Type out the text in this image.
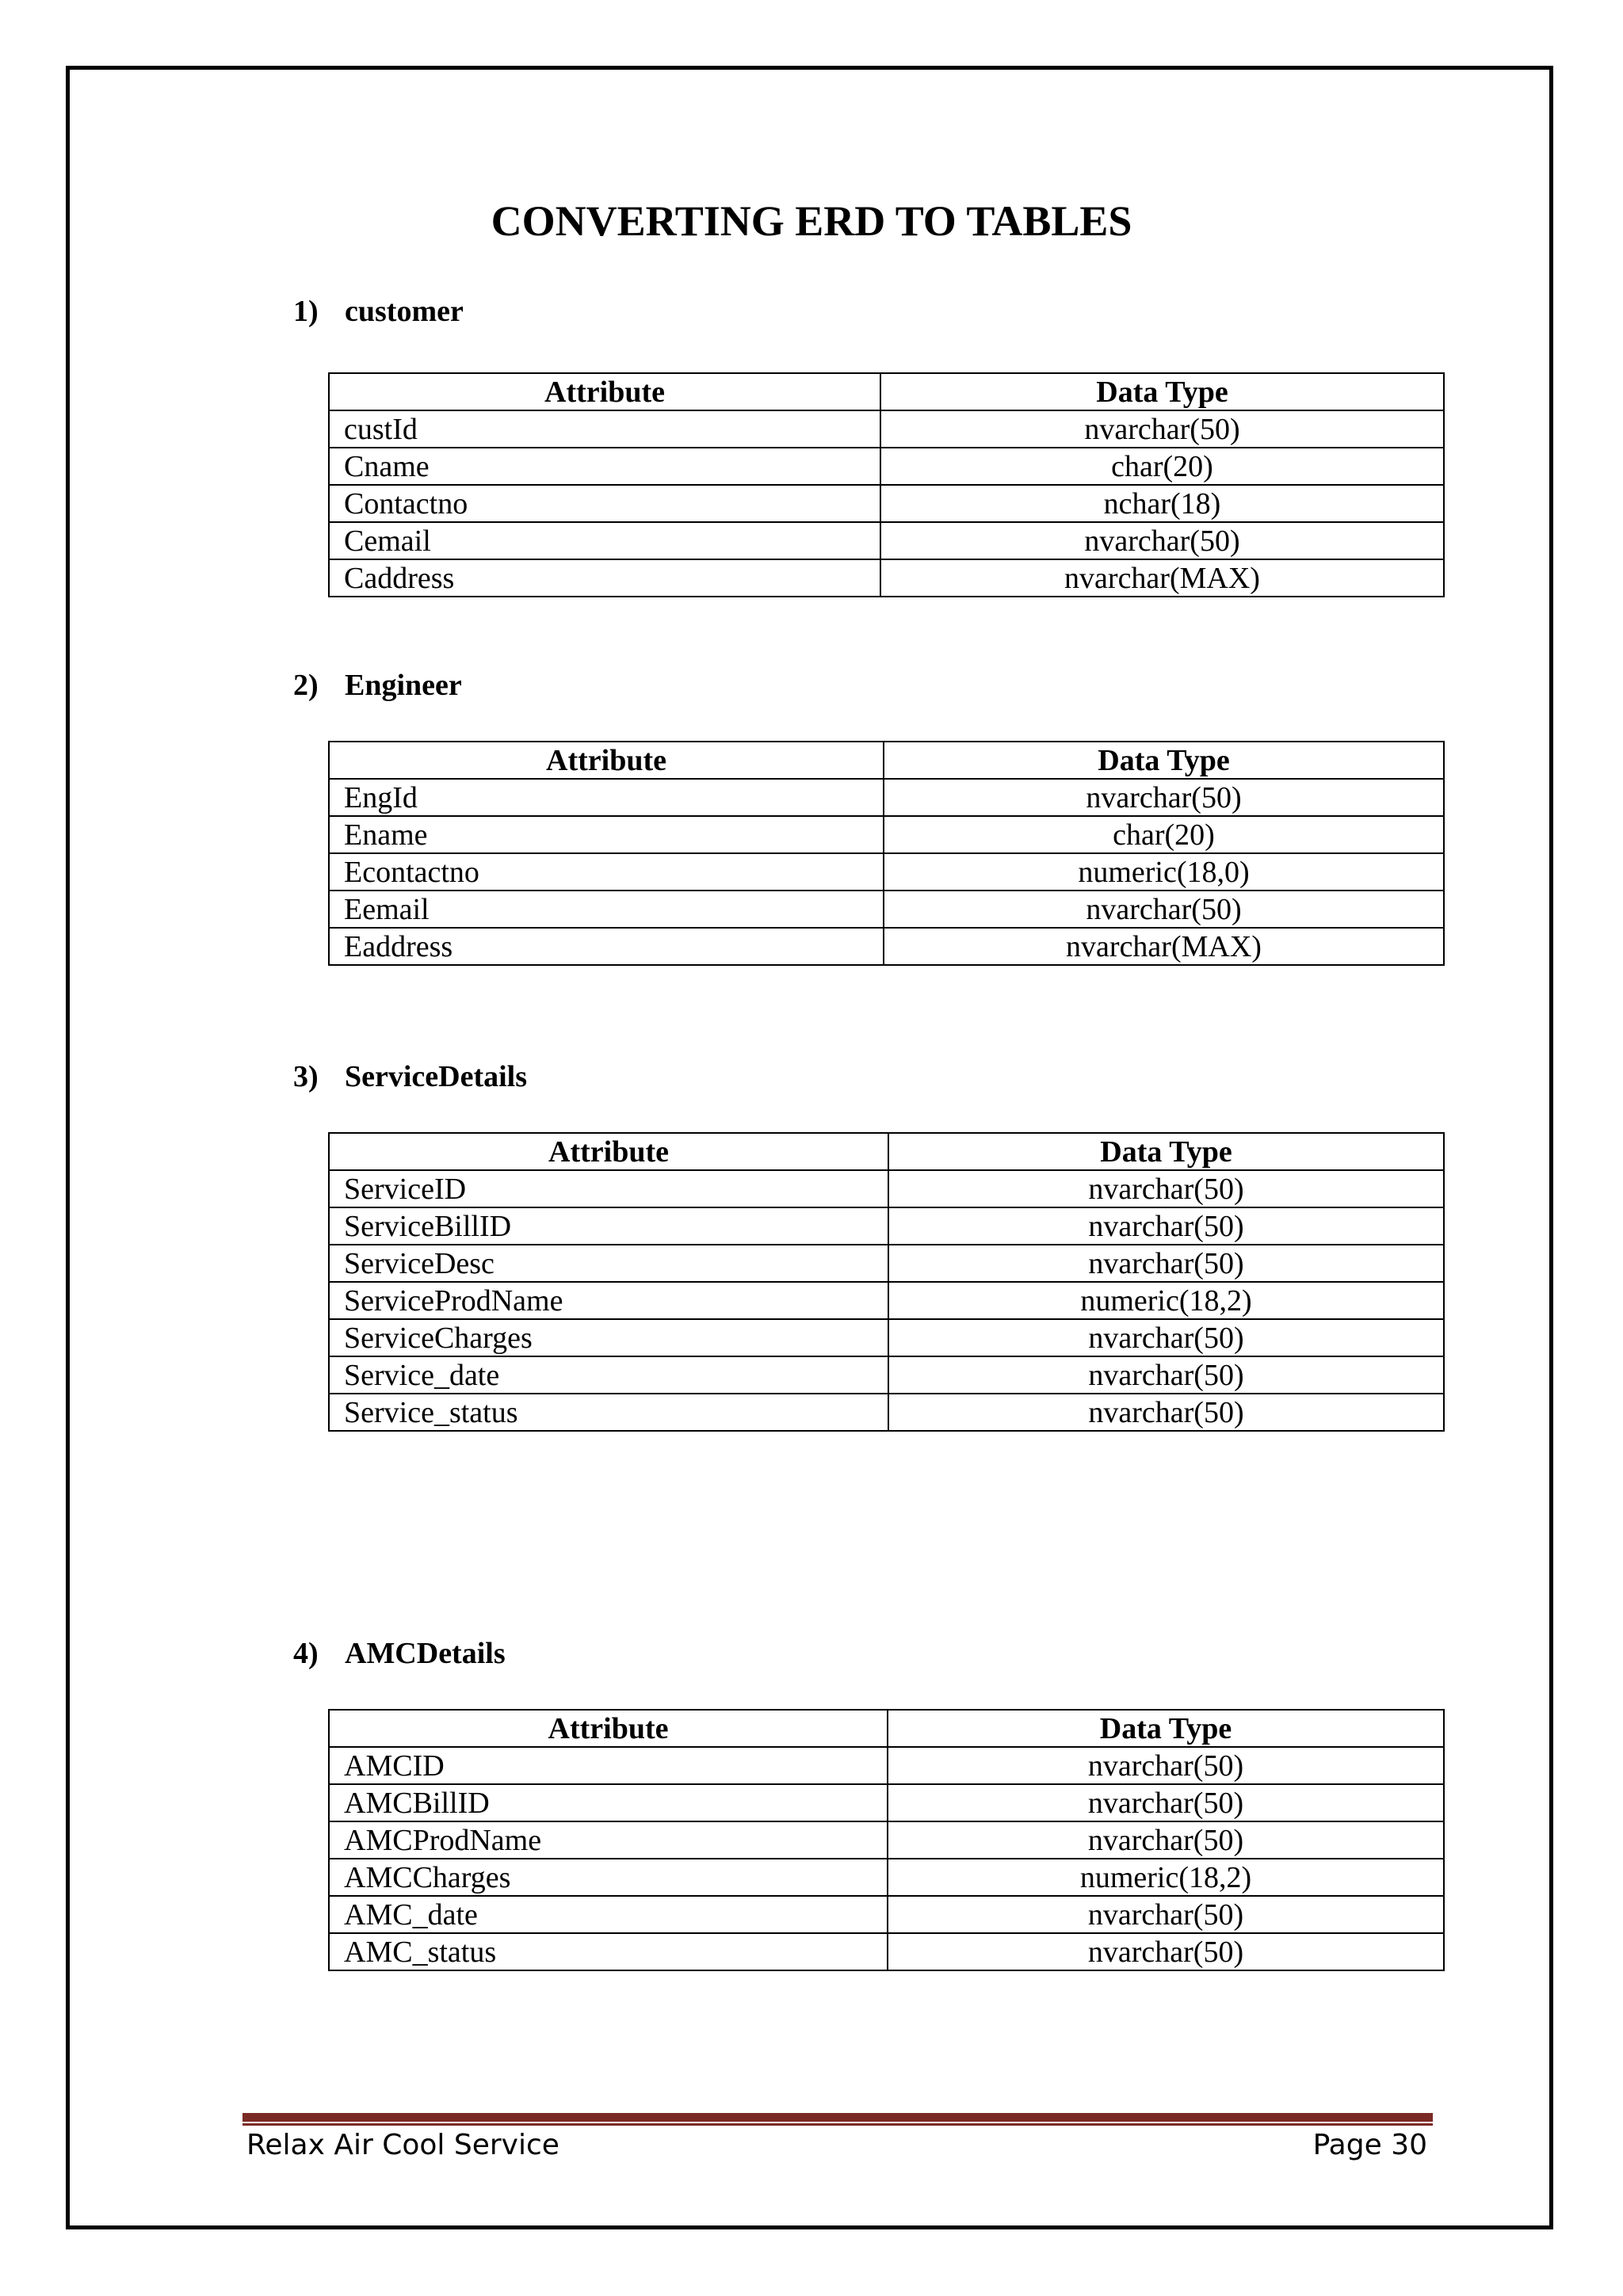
CONVERTING ERD TO TABLES
1) customer
Attribute	Data Type
custId	nvarchar(50)
Cname	char(20)
Contactno	nchar(18)
Cemail	nvarchar(50)
Caddress	nvarchar(MAX)
2) Engineer
Attribute	Data Type
EngId	nvarchar(50)
Ename	char(20)
Econtactno	numeric(18,0)
Eemail	nvarchar(50)
Eaddress	nvarchar(MAX)
3) ServiceDetails
Attribute	Data Type
ServiceID	nvarchar(50)
ServiceBillID	nvarchar(50)
ServiceDesc	nvarchar(50)
ServiceProdName	numeric(18,2)
ServiceCharges	nvarchar(50)
Service_date	nvarchar(50)
Service_status	nvarchar(50)
4) AMCDetails
Attribute	Data Type
AMCID	nvarchar(50)
AMCBillID	nvarchar(50)
AMCProdName	nvarchar(50)
AMCCharges	numeric(18,2)
AMC_date	nvarchar(50)
AMC_status	nvarchar(50)
Relax Air Cool Service	Page 30
